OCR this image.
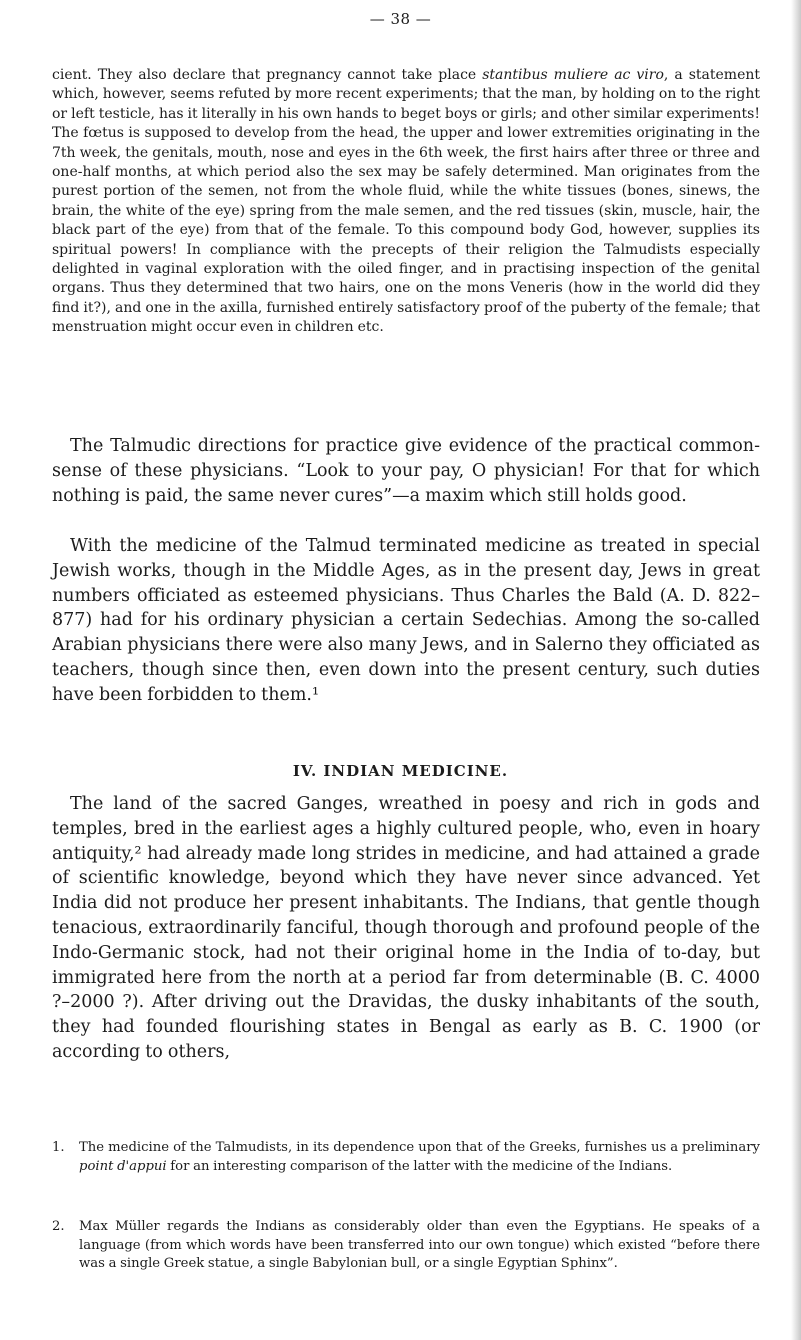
— 38 —

cient. They also declare that pregnancy cannot take place stantibus muliere ac viro, a statement which, however, seems refuted by more recent experiments; that the man, by holding on to the right or left testicle, has it literally in his own hands to beget boys or girls; and other similar experiments! The fœtus is supposed to develop from the head, the upper and lower extremities originating in the 7th week, the genitals, mouth, nose and eyes in the 6th week, the first hairs after three or three and one-half months, at which period also the sex may be safely determined. Man originates from the purest portion of the semen, not from the whole fluid, while the white tissues (bones, sinews, the brain, the white of the eye) spring from the male semen, and the red tissues (skin, muscle, hair, the black part of the eye) from that of the female. To this compound body God, however, supplies its spiritual powers! In compliance with the precepts of their religion the Talmudists especially delighted in vaginal exploration with the oiled finger, and in practising inspection of the genital organs. Thus they determined that two hairs, one on the mons Veneris (how in the world did they find it?), and one in the axilla, furnished entirely satisfactory proof of the puberty of the female; that menstruation might occur even in children etc.

The Talmudic directions for practice give evidence of the practical common-sense of these physicians. “Look to your pay, O physician! For that for which nothing is paid, the same never cures”—a maxim which still holds good.

With the medicine of the Talmud terminated medicine as treated in special Jewish works, though in the Middle Ages, as in the present day, Jews in great numbers officiated as esteemed physicians. Thus Charles the Bald (A. D. 822–877) had for his ordinary physician a certain Sedechias. Among the so-called Arabian physicians there were also many Jews, and in Salerno they officiated as teachers, though since then, even down into the present century, such duties have been forbidden to them.¹

IV. INDIAN MEDICINE.

The land of the sacred Ganges, wreathed in poesy and rich in gods and temples, bred in the earliest ages a highly cultured people, who, even in hoary antiquity,² had already made long strides in medicine, and had attained a grade of scientific knowledge, beyond which they have never since advanced. Yet India did not produce her present inhabitants. The Indians, that gentle though tenacious, extraordinarily fanciful, though thorough and profound people of the Indo-Germanic stock, had not their original home in the India of to-day, but immigrated here from the north at a period far from determinable (B. C. 4000 ?–2000 ?). After driving out the Dravidas, the dusky inhabitants of the south, they had founded flourishing states in Bengal as early as B. C. 1900 (or according to others,

1.	The medicine of the Talmudists, in its dependence upon that of the Greeks, furnishes us a preliminary point d'appui for an interesting comparison of the latter with the medicine of the Indians.
2.	Max Müller regards the Indians as considerably older than even the Egyptians. He speaks of a language (from which words have been transferred into our own tongue) which existed “before there was a single Greek statue, a single Babylonian bull, or a single Egyptian Sphinx”.
